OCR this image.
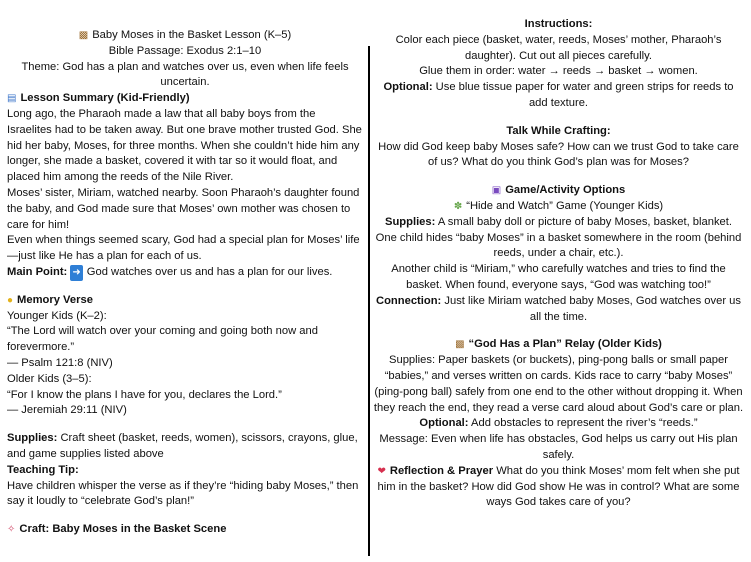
▩ Baby Moses in the Basket Lesson (K–5)
Bible Passage: Exodus 2:1–10
Theme: God has a plan and watches over us, even when life feels uncertain.
▤ Lesson Summary (Kid-Friendly)
Long ago, the Pharaoh made a law that all baby boys from the Israelites had to be taken away. But one brave mother trusted God. She hid her baby, Moses, for three months. When she couldn’t hide him any longer, she made a basket, covered it with tar so it would float, and placed him among the reeds of the Nile River.
Moses’ sister, Miriam, watched nearby. Soon Pharaoh’s daughter found the baby, and God made sure that Moses’ own mother was chosen to care for him!
Even when things seemed scary, God had a special plan for Moses’ life—just like He has a plan for each of us.
Main Point: ➜ God watches over us and has a plan for our lives.
● Memory Verse
Younger Kids (K–2):
“The Lord will watch over your coming and going both now and forevermore.”
— Psalm 121:8 (NIV)
Older Kids (3–5):
“For I know the plans I have for you, declares the Lord.”
— Jeremiah 29:11 (NIV)
Supplies: Craft sheet (basket, reeds, women), scissors, crayons, glue, and game supplies listed above
Teaching Tip:
Have children whisper the verse as if they’re “hiding baby Moses,” then say it loudly to “celebrate God’s plan!”
✧ Craft: Baby Moses in the Basket Scene
Instructions:
Color each piece (basket, water, reeds, Moses’ mother, Pharaoh’s daughter). Cut out all pieces carefully.
Glue them in order: water → reeds → basket → women.
Optional: Use blue tissue paper for water and green strips for reeds to add texture.
Talk While Crafting:
How did God keep baby Moses safe? How can we trust God to take care of us? What do you think God’s plan was for Moses?
▣ Game/Activity Options
✽ “Hide and Watch” Game (Younger Kids)
Supplies: A small baby doll or picture of baby Moses, basket, blanket. One child hides “baby Moses” in a basket somewhere in the room (behind reeds, under a chair, etc.).
Another child is “Miriam,” who carefully watches and tries to find the basket. When found, everyone says, “God was watching too!”
Connection: Just like Miriam watched baby Moses, God watches over us all the time.
▩ “God Has a Plan” Relay (Older Kids)
Supplies: Paper baskets (or buckets), ping-pong balls or small paper “babies,” and verses written on cards. Kids race to carry “baby Moses” (ping-pong ball) safely from one end to the other without dropping it. When they reach the end, they read a verse card aloud about God’s care or plan.
Optional: Add obstacles to represent the river’s “reeds.”
Message: Even when life has obstacles, God helps us carry out His plan safely.
❤ Reflection & Prayer What do you think Moses’ mom felt when she put him in the basket? How did God show He was in control? What are some ways God takes care of you?
